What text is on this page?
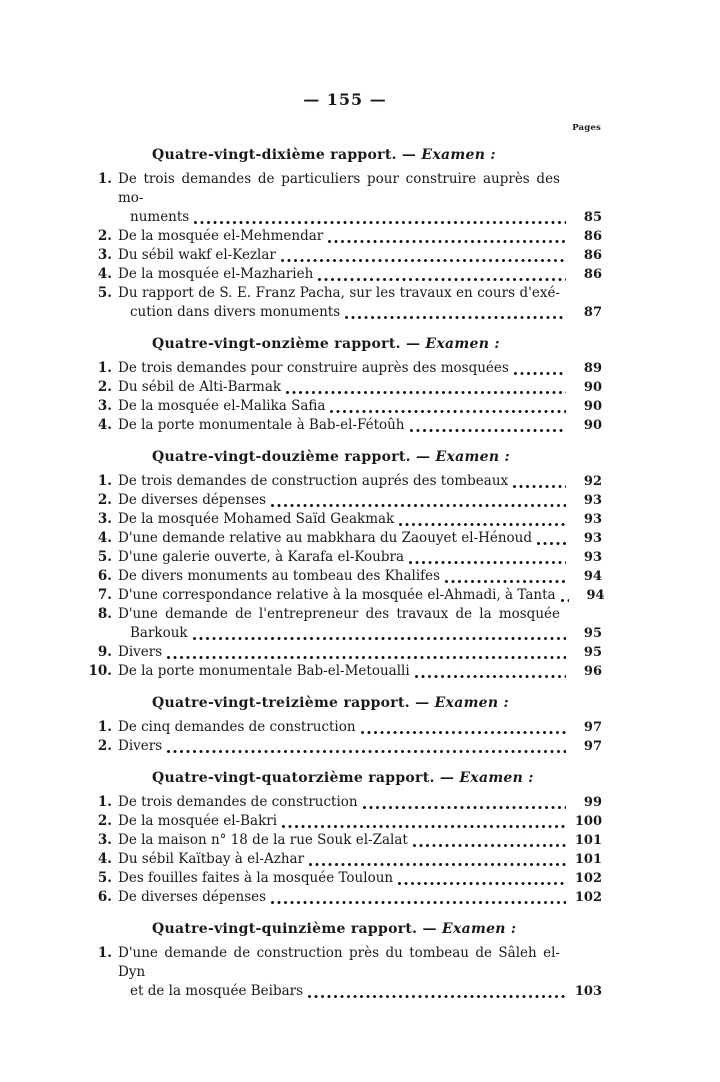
— 155 —
Pages
Quatre-vingt-dixième rapport. — Examen :
1. De trois demandes de particuliers pour construire auprès des mo-
numents	85
2. De la mosquée el-Mehmendar	86
3. Du sébil wakf el-Kezlar	86
4. De la mosquée el-Mazharieh	86
5. Du rapport de S. E. Franz Pacha, sur les travaux en cours d'exé-
cution dans divers monuments	87
Quatre-vingt-onzième rapport. — Examen :
1. De trois demandes pour construire auprès des mosquées	89
2. Du sébil de Alti-Barmak	90
3. De la mosquée el-Malika Safia	90
4. De la porte monumentale à Bab-el-Fétoûh	90
Quatre-vingt-douzième rapport. — Examen :
1. De trois demandes de construction auprés des tombeaux	92
2. De diverses dépenses	93
3. De la mosquée Mohamed Saïd Geakmak	93
4. D'une demande relative au mabkhara du Zaouyet el-Hénoud	93
5. D'une galerie ouverte, à Karafa el-Koubra	93
6. De divers monuments au tombeau des Khalifes	94
7. D'une correspondance relative à la mosquée el-Ahmadi, à Tanta	94
8. D'une demande de l'entrepreneur des travaux de la mosquée
Barkouk	95
9. Divers	95
10. De la porte monumentale Bab-el-Metoualli	96
Quatre-vingt-treizième rapport. — Examen :
1. De cinq demandes de construction	97
2. Divers	97
Quatre-vingt-quatorzième rapport. — Examen :
1. De trois demandes de construction	99
2. De la mosquée el-Bakri	100
3. De la maison n° 18 de la rue Souk el-Zalat	101
4. Du sébil Kaïtbay à el-Azhar	101
5. Des fouilles faites à la mosquée Touloun	102
6. De diverses dépenses	102
Quatre-vingt-quinzième rapport. — Examen :
1. D'une demande de construction près du tombeau de Sâleh el-Dyn
et de la mosquée Beibars	103
